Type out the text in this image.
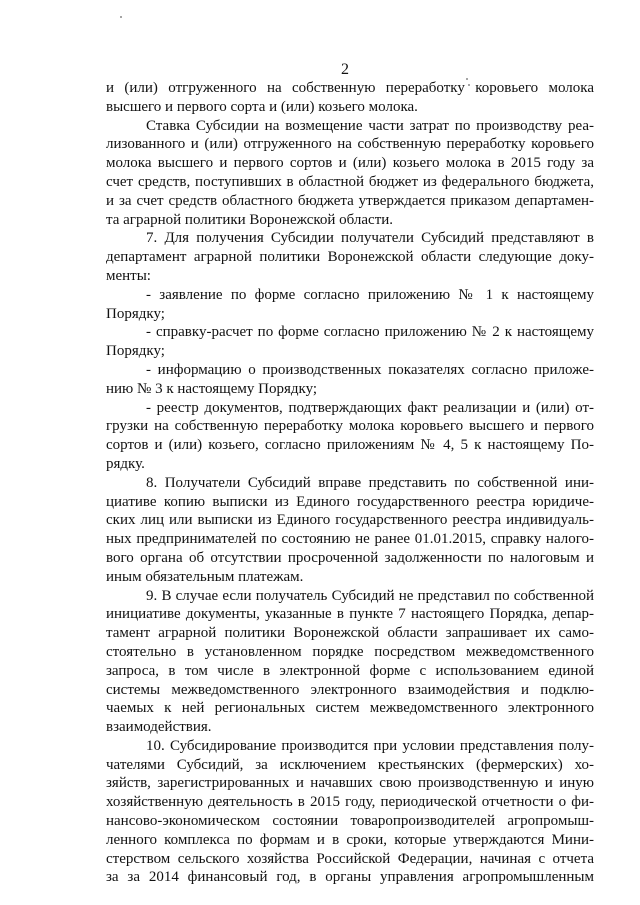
2
и (или) отгруженного на собственную переработку коровьего молока
высшего и первого сорта и (или) козьего молока.
Ставка Субсидии на возмещение части затрат по производству реа-
лизованного и (или) отгруженного на собственную переработку коровьего
молока высшего и первого сортов и (или) козьего молока в 2015 году за
счет средств, поступивших в областной бюджет из федерального бюджета,
и за счет средств областного бюджета утверждается приказом департамен-
та аграрной политики Воронежской области.
7. Для получения Субсидии получатели Субсидий представляют в
департамент аграрной политики Воронежской области следующие доку-
менты:
- заявление по форме согласно приложению № 1 к настоящему
Порядку;
- справку-расчет по форме согласно приложению № 2 к настоящему
Порядку;
- информацию о производственных показателях согласно приложе-
нию № 3 к настоящему Порядку;
- реестр документов, подтверждающих факт реализации и (или) от-
грузки на собственную переработку молока коровьего высшего и первого
сортов и (или) козьего, согласно приложениям № 4, 5 к настоящему По-
рядку.
8. Получатели Субсидий вправе представить по собственной ини-
циативе копию выписки из Единого государственного реестра юридиче-
ских лиц или выписки из Единого государственного реестра индивидуаль-
ных предпринимателей по состоянию не ранее 01.01.2015, справку налого-
вого органа об отсутствии просроченной задолженности по налоговым и
иным обязательным платежам.
9. В случае если получатель Субсидий не представил по собственной
инициативе документы, указанные в пункте 7 настоящего Порядка, депар-
тамент аграрной политики Воронежской области запрашивает их само-
стоятельно в установленном порядке посредством межведомственного
запроса, в том числе в электронной форме с использованием единой
системы межведомственного электронного взаимодействия и подклю-
чаемых к ней региональных систем межведомственного электронного
взаимодействия.
10. Субсидирование производится при условии представления полу-
чателями Субсидий, за исключением крестьянских (фермерских) хо-
зяйств, зарегистрированных и начавших свою производственную и иную
хозяйственную деятельность в 2015 году, периодической отчетности о фи-
нансово-экономическом состоянии товаропроизводителей агропромыш-
ленного комплекса по формам и в сроки, которые утверждаются Мини-
стерством сельского хозяйства Российской Федерации, начиная с отчета
за за 2014 финансовый год, в органы управления агропромышленным
